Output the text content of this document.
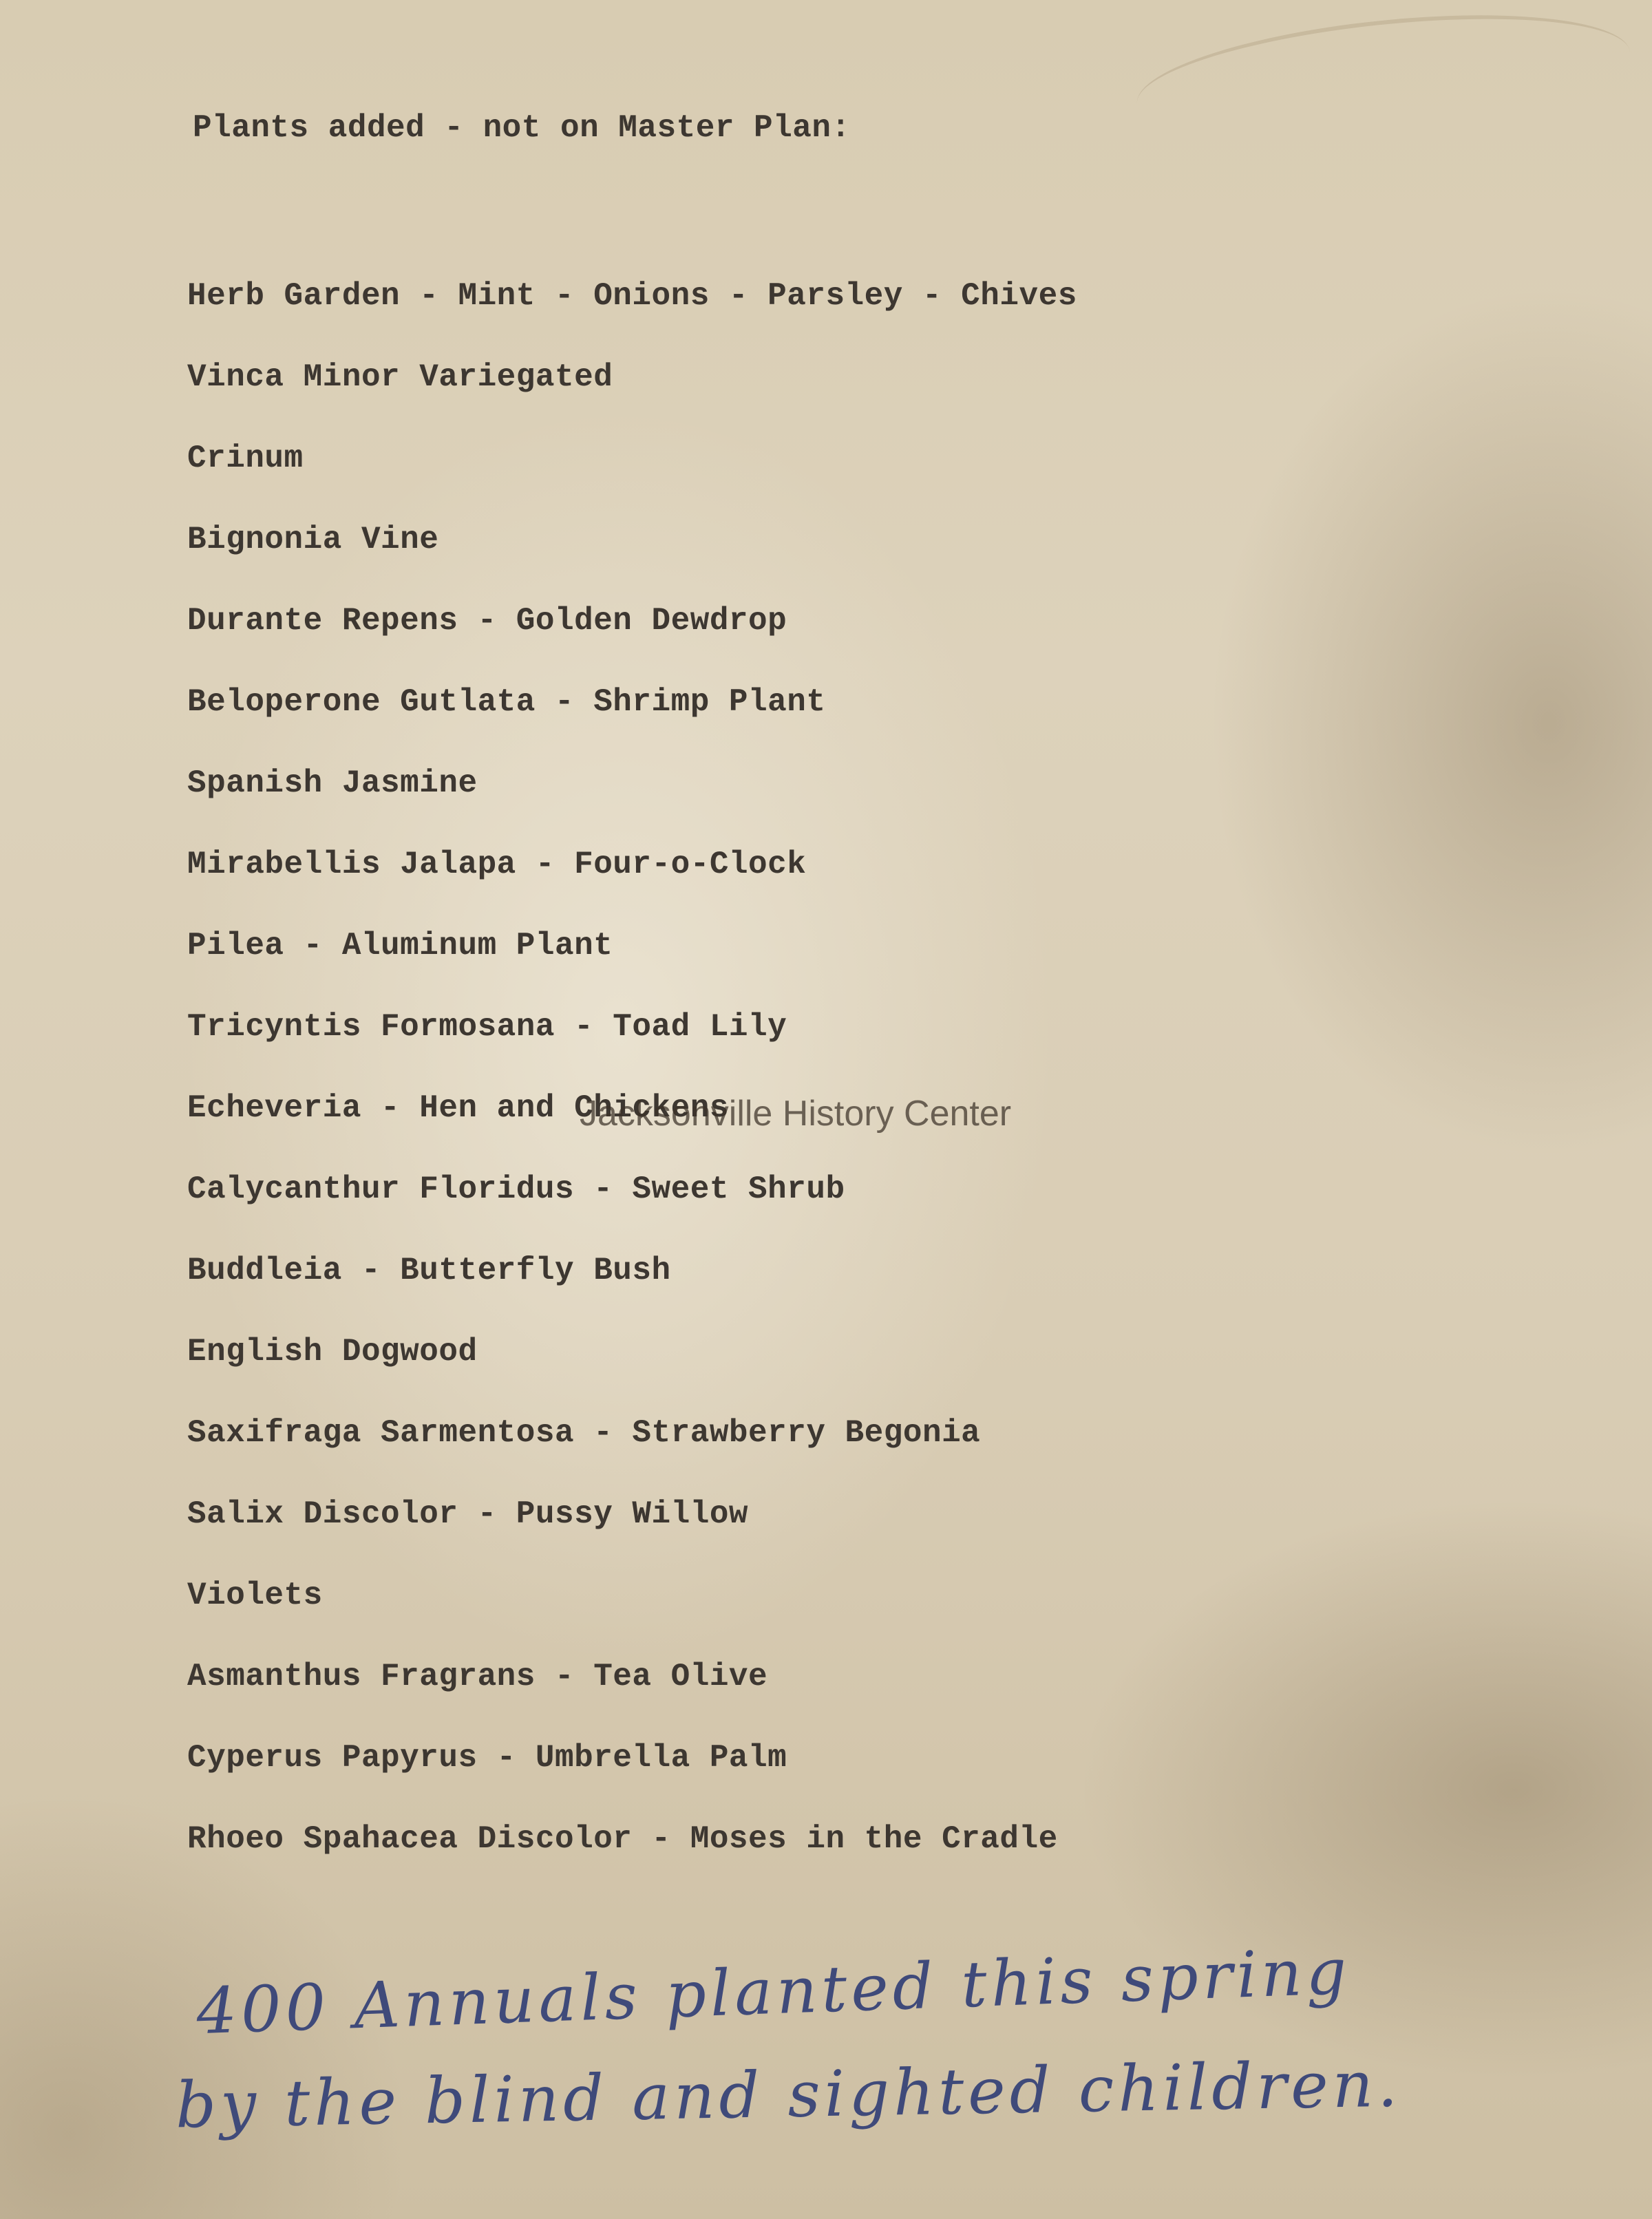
Plants added - not on Master Plan:
Herb Garden - Mint - Onions - Parsley - Chives
Vinca Minor Variegated
Crinum
Bignonia Vine
Durante Repens - Golden Dewdrop
Beloperone Gutlata - Shrimp Plant
Spanish Jasmine
Mirabellis Jalapa - Four-o-Clock
Pilea - Aluminum Plant
Tricyntis Formosana - Toad Lily
Echeveria - Hen and Chickens
Calycanthur Floridus - Sweet Shrub
Buddleia - Butterfly Bush
English Dogwood
Saxifraga Sarmentosa - Strawberry Begonia
Salix Discolor - Pussy Willow
Violets
Asmanthus Fragrans - Tea Olive
Cyperus Papyrus - Umbrella Palm
Rhoeo Spahacea Discolor - Moses in the Cradle
Jacksonville History Center
400 Annuals planted this spring
by the blind and sighted children.
